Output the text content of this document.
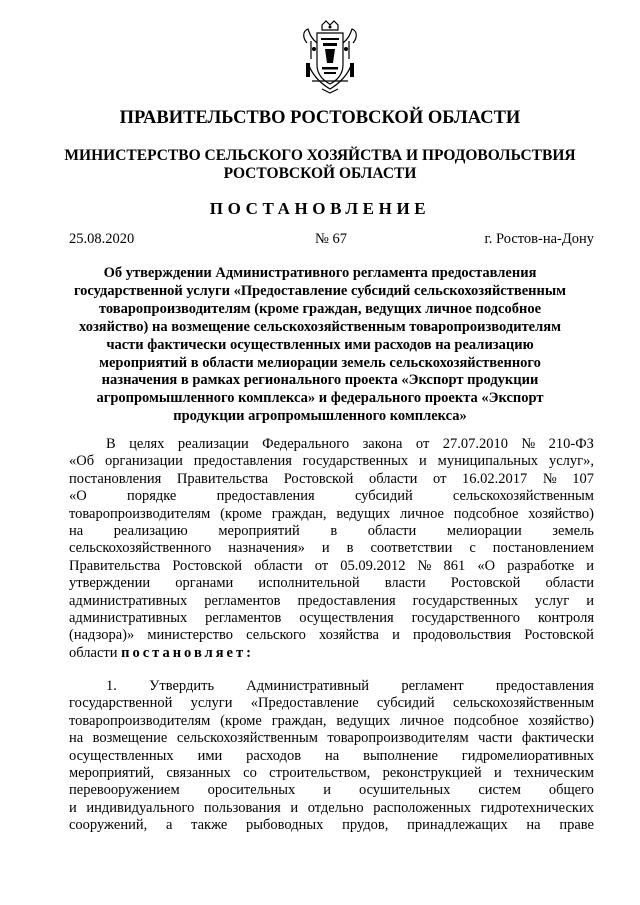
ПРАВИТЕЛЬСТВО РОСТОВСКОЙ ОБЛАСТИ
МИНИСТЕРСТВО СЕЛЬСКОГО ХОЗЯЙСТВА И ПРОДОВОЛЬСТВИЯ
РОСТОВСКОЙ ОБЛАСТИ
ПОСТАНОВЛЕНИЕ
25.08.2020	№ 67	г. Ростов-на-Дону
Об утверждении Административного регламента предоставления
государственной услуги «Предоставление субсидий сельскохозяйственным
товаропроизводителям (кроме граждан, ведущих личное подсобное
хозяйство) на возмещение сельскохозяйственным товаропроизводителям
части фактически осуществленных ими расходов на реализацию
мероприятий в области мелиорации земель сельскохозяйственного
назначения в рамках регионального проекта «Экспорт продукции
агропромышленного комплекса» и федерального проекта «Экспорт
продукции агропромышленного комплекса»
В целях реализации Федерального закона от 27.07.2010 № 210-ФЗ
«Об организации предоставления государственных и муниципальных услуг»,
постановления Правительства Ростовской области от 16.02.2017 № 107
«О	порядке	предоставления	субсидий	сельскохозяйственным
товаропроизводителям (кроме граждан, ведущих личное подсобное хозяйство)
на реализацию мероприятий в области мелиорации земель
сельскохозяйственного назначения» и в соответствии с постановлением
Правительства Ростовской области от 05.09.2012 № 861 «О разработке и
утверждении органами исполнительной власти Ростовской области
административных регламентов предоставления государственных услуг и
административных регламентов осуществления государственного контроля
(надзора)» министерство сельского хозяйства и продовольствия Ростовской
области постановляет:
1. Утвердить Административный регламент предоставления
государственной услуги «Предоставление субсидий сельскохозяйственным
товаропроизводителям (кроме граждан, ведущих личное подсобное хозяйство)
на возмещение сельскохозяйственным товаропроизводителям части фактически
осуществленных ими расходов на выполнение гидромелиоративных
мероприятий, связанных со строительством, реконструкцией и техническим
перевооружением оросительных и осушительных систем общего
и индивидуального пользования и отдельно расположенных гидротехнических
сооружений, а также рыбоводных прудов, принадлежащих на праве
